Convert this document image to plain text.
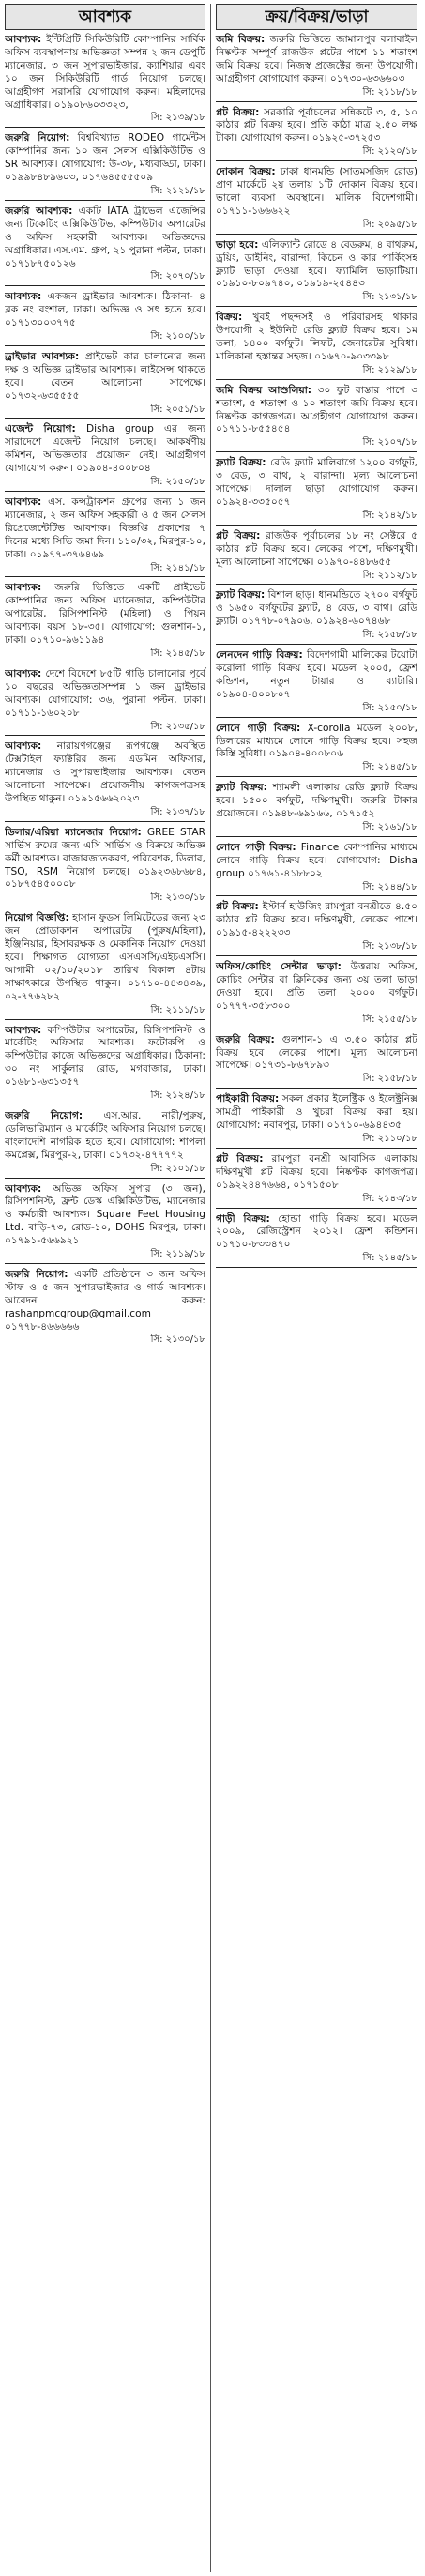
আবশ্যক
আবশ্যক: ইন্টিগ্রিটি সিকিউরিটি কোম্পানির সার্বিক অফিস ব্যবস্থাপনায় অভিজ্ঞতা সম্পন্ন ২ জন ডেপুটি ম্যানেজার, ৩ জন সুপারভাইজার, ক্যাশিয়ার এবং ১০ জন সিকিউরিটি গার্ড নিয়োগ চলছে। আগ্রহীগণ সরাসরি যোগাযোগ করুন। মহিলাদের অগ্রাধিকার। ০১৯০৮৬০৩৩২৩,
সি: ২১৩৯/১৮
জরুরি নিয়োগ: বিশ্ববিখ্যাত RODEO গার্মেন্টস কোম্পানির জন্য ১০ জন সেলস এক্সিকিউটিভ ও SR আবশ্যক। যোগাযোগ: উ-৩৮, মধ্যবাড্ডা, ঢাকা। ০১৯৯৮৪৮৯৬০৩, ০১৭৬৪৫৫৫৫০৯
সি: ২১২১/১৮
জরুরি আবশ্যক: একটি IATA ট্রাভেল এজেন্সির জন্য টিকেটিং এক্সিকিউটিভ, কম্পিউটার অপারেটর ও অফিস সহকারী আবশ্যক। অভিজ্ঞদের অগ্রাধিকার। এস.এম. গ্রুপ, ২১ পুরানা পল্টন, ঢাকা। ০১৭১৮৭৫০১২৬
সি: ২০৭০/১৮
আবশ্যক: একজন ড্রাইভার আবশ্যক। ঠিকানা- ৪ ব্লক নং বংশাল, ঢাকা। অভিজ্ঞ ও সৎ হতে হবে। ০১৭১৩০০৩৭৭৫
সি: ২১০০/১৮
ড্রাইভার আবশ্যক: প্রাইভেট কার চালানোর জন্য দক্ষ ও অভিজ্ঞ ড্রাইভার আবশ্যক। লাইসেন্স থাকতে হবে। বেতন আলোচনা সাপেক্ষে। ০১৭৩২-৬৩৫৫৫৫
সি: ২০৫১/১৮
এজেন্ট নিয়োগ: Disha group এর জন্য সারাদেশে এজেন্ট নিয়োগ চলছে। আকর্ষণীয় কমিশন, অভিজ্ঞতার প্রয়োজন নেই। আগ্রহীগণ যোগাযোগ করুন। ০১৯০৪-৪০০৮০৪
সি: ২১৫০/১৮
আবশ্যক: এস. কন্সট্রাকশন গ্রুপের জন্য ১ জন ম্যানেজার, ২ জন অফিস সহকারী ও ৫ জন সেলস রিপ্রেজেন্টেটিভ আবশ্যক। বিজ্ঞপ্তি প্রকাশের ৭ দিনের মধ্যে সিভি জমা দিন। ১১০/৩২, মিরপুর-১০, ঢাকা। ০১৯৭৭-৩৭৬৪৬৯
সি: ২১৪১/১৮
আবশ্যক: জরুরি ভিত্তিতে একটি প্রাইভেট কোম্পানির জন্য অফিস ম্যানেজার, কম্পিউটার অপারেটর, রিসিপশনিস্ট (মহিলা) ও পিয়ন আবশ্যক। বয়স ১৮-৩৫। যোগাযোগ: গুলশান-১, ঢাকা। ০১৭১০-৯৬১১৯৪
সি: ২১৪৫/১৮
আবশ্যক: দেশে বিদেশে ৮৫টি গাড়ি চালানোর পূর্বে ১০ বছরের অভিজ্ঞতাসম্পন্ন ১ জন ড্রাইভার আবশ্যক। যোগাযোগ: ৩৬, পুরানা পল্টন, ঢাকা। ০১৭১১-১৬০২০৮
সি: ২১৩৫/১৮
আবশ্যক: নারায়ণগঞ্জের রূপগঞ্জে অবস্থিত টেক্সটাইল ফ্যাক্টরির জন্য এডমিন অফিসার, ম্যানেজার ও সুপারভাইজার আবশ্যক। বেতন আলোচনা সাপেক্ষে। প্রয়োজনীয় কাগজপত্রসহ উপস্থিত থাকুন। ০১৯১৫৬৬২০২৩
সি: ২১৩৭/১৮
ডিলার/এরিয়া ম্যানেজার নিয়োগ: GREE STAR সার্ভিস রুমের জন্য এসি সার্ভিস ও বিক্রয়ে অভিজ্ঞ কর্মী আবশ্যক। বাজারজাতকরণ, পরিবেশক, ডিলার, TSO, RSM নিয়োগ চলছে। ০১৯২৩৬৮৬৮৪, ০১৮৭৫৪৫০০০৮
সি: ২১৩০/১৮
নিয়োগ বিজ্ঞপ্তি: হাসান ফুডস লিমিটেডের জন্য ২৩ জন প্রোডাকশন অপারেটর (পুরুষ/মহিলা), ইঞ্জিনিয়ার, হিসাবরক্ষক ও মেকানিক নিয়োগ দেওয়া হবে। শিক্ষাগত যোগ্যতা এসএসসি/এইচএসসি। আগামী ০২/১০/২০১৮ তারিখ বিকাল ৪টায় সাক্ষাৎকারে উপস্থিত থাকুন। ০১৭১০-৪৪৩৪৩৯, ০২-৭৭৬২৮২
সি: ২১১১/১৮
আবশ্যক: কম্পিউটার অপারেটর, রিসিপশনিস্ট ও মার্কেটিং অফিসার আবশ্যক। ফটোকপি ও কম্পিউটার কাজে অভিজ্ঞদের অগ্রাধিকার। ঠিকানা: ৩০ নং সার্কুলার রোড, মগবাজার, ঢাকা। ০১৬৮১-৬৩১৩৫৭
সি: ২১২৪/১৮
জরুরি নিয়োগ: এস.আর. নারী/পুরুষ, ডেলিভারিম্যান ও মার্কেটিং অফিসার নিয়োগ চলছে। বাংলাদেশি নাগরিক হতে হবে। যোগাযোগ: শাপলা কমপ্লেক্স, মিরপুর-২, ঢাকা। ০১৭৩২-৪৭৭৭৭২
সি: ২১০১/১৮
আবশ্যক: অভিজ্ঞ অফিস সুপার (৩ জন), রিসিপশনিস্ট, ফ্রন্ট ডেস্ক এক্সিকিউটিভ, ম্যানেজার ও কর্মচারী আবশ্যক। Square Feet Housing Ltd. বাড়ি-৭৩, রোড-১০, DOHS মিরপুর, ঢাকা। ০১৭৯১-৫৬৬৯২১
সি: ২১১৯/১৮
জরুরি নিয়োগ: একটি প্রতিষ্ঠানে ৩ জন অফিস স্টাফ ও ৫ জন সুপারভাইজার ও গার্ড আবশ্যক। আবেদন করুন: rashanpmcgroup@gmail.com ০১৭৭৮-৪৬৬৬৬৬
সি: ২১৩০/১৮
ক্রয়/বিক্রয়/ভাড়া
জমি বিক্রয়: জরুরি ভিত্তিতে জামালপুর বলাবাইল নিষ্কণ্টক সম্পূর্ণ রাজউক প্লটের পাশে ১১ শতাংশ জমি বিক্রয় হবে। নিজস্ব প্রজেক্টের জন্য উপযোগী। আগ্রহীগণ যোগাযোগ করুন। ০১৭৩০-৬৩৬৬০৩
সি: ২১১৮/১৮
প্লট বিক্রয়: সরকারি পূর্বাচলের সন্নিকটে ৩, ৫, ১০ কাঠার প্লট বিক্রয় হবে। প্রতি কাঠা মাত্র ২.৫০ লক্ষ টাকা। যোগাযোগ করুন। ০১৯২৫-৩৭২৫৩
সি: ২১২০/১৮
দোকান বিক্রয়: ঢাকা ধানমন্ডি (সাতমসজিদ রোড) প্রাণ মার্কেটে ২য় তলায় ১টি দোকান বিক্রয় হবে। ভালো ব্যবসা অবস্থানে। মালিক বিদেশগামী। ০১৭১১-১৬৬৬২২
সি: ২০৯৫/১৮
ভাড়া হবে: এলিফ্যান্ট রোডে ৪ বেডরুম, ৪ বাথরুম, ড্রয়িং, ডাইনিং, বারান্দা, কিচেন ও কার পার্কিংসহ ফ্ল্যাট ভাড়া দেওয়া হবে। ফ্যামিলি ভাড়াটিয়া। ০১৯১০-৮০৯৭৪০, ০১৯১৯-২৫৪৪৩
সি: ২১৩১/১৮
বিক্রয়: খুবই পছন্দসই ও পরিবারসহ থাকার উপযোগী ২ ইউনিট রেডি ফ্ল্যাট বিক্রয় হবে। ১ম তলা, ১৪০০ বর্গফুট। লিফট, জেনারেটর সুবিধা। মালিকানা হস্তান্তর সহজ। ০১৬৭০-৯০৩৩৯৮
সি: ২১২৯/১৮
জমি বিক্রয় আশুলিয়া: ৩০ ফুট রাস্তার পাশে ৩ শতাংশ, ৫ শতাংশ ও ১০ শতাংশ জমি বিক্রয় হবে। নিষ্কণ্টক কাগজপত্র। আগ্রহীগণ যোগাযোগ করুন। ০১৭১১-৮৫৫৪৫৪
সি: ২১০৭/১৮
ফ্ল্যাট বিক্রয়: রেডি ফ্ল্যাট মালিবাগে ১২০০ বর্গফুট, ৩ বেড, ৩ বাথ, ২ বারান্দা। মূল্য আলোচনা সাপেক্ষে। দালাল ছাড়া যোগাযোগ করুন। ০১৯২৪-৩৩৫০৫৭
সি: ২১৪২/১৮
প্লট বিক্রয়: রাজউক পূর্বাচলের ১৮ নং সেক্টরে ৫ কাঠার প্লট বিক্রয় হবে। লেকের পাশে, দক্ষিণমুখী। মূল্য আলোচনা সাপেক্ষে। ০১৯৭০-৪৪৮৬৫৫
সি: ২১১২/১৮
ফ্ল্যাট বিক্রয়: বিশাল ছাড়। ধানমন্ডিতে ২৭০০ বর্গফুট ও ১৬৫০ বর্গফুটের ফ্ল্যাট, ৪ বেড, ৩ বাথ। রেডি ফ্ল্যাট। ০১৭৭৮-০৭৯০৬, ০১৯২৪-৬০৭৪৬৮
সি: ২১৫৮/১৮
লেনদেন গাড়ি বিক্রয়: বিদেশগামী মালিকের টয়োটা করোলা গাড়ি বিক্রয় হবে। মডেল ২০০৫, ফ্রেশ কন্ডিশন, নতুন টায়ার ও ব্যাটারি। ০১৯০৪-৪০০৮০৭
সি: ২১৫০/১৮
লোনে গাড়ী বিক্রয়: X-corolla মডেল ২০০৮, ডিলারের মাধ্যমে লোনে গাড়ি বিক্রয় হবে। সহজ কিস্তি সুবিধা। ০১৯০৪-৪০০৮০৬
সি: ২১৪৫/১৮
ফ্ল্যাট বিক্রয়: শ্যামলী এলাকায় রেডি ফ্ল্যাট বিক্রয় হবে। ১৫০০ বর্গফুট, দক্ষিণমুখী। জরুরি টাকার প্রয়োজনে। ০১৯৪৮-৬৯১৬৬, ০১৭১৫২
সি: ২১৬১/১৮
লোনে গাড়ী বিক্রয়: Finance কোম্পানির মাধ্যমে লোনে গাড়ি বিক্রয় হবে। যোগাযোগ: Disha group ০১৭৬১-৪১৮৮০২
সি: ২১৪৪/১৮
প্লট বিক্রয়: ইস্টার্ন হাউজিং রামপুরা বনশ্রীতে ৪.৫০ কাঠার প্লট বিক্রয় হবে। দক্ষিণমুখী, লেকের পাশে। ০১৯১৫-৪২২২৩৩
সি: ২১৩৮/১৮
অফিস/কোচিং সেন্টার ভাড়া: উত্তরায় অফিস, কোচিং সেন্টার বা ক্লিনিকের জন্য ৩য় তলা ভাড়া দেওয়া হবে। প্রতি তলা ২০০০ বর্গফুট। ০১৭৭৭-৩৫৮৩০০
সি: ২১৫৫/১৮
জরুরি বিক্রয়: গুলশান-১ এ ৩.৫০ কাঠার প্লট বিক্রয় হবে। লেকের পাশে। মূল্য আলোচনা সাপেক্ষে। ০১৭৩১-৮৬৭৮৯৩
সি: ২১৫৮/১৮
পাইকারী বিক্রয়: সকল প্রকার ইলেক্ট্রিক ও ইলেক্ট্রনিক্স সামগ্রী পাইকারী ও খুচরা বিক্রয় করা হয়। যোগাযোগ: নবাবপুর, ঢাকা। ০১৭১০-৬৯৪৪৩৫
সি: ২১১০/১৮
প্লট বিক্রয়: রামপুরা বনশ্রী আবাসিক এলাকায় দক্ষিণমুখী প্লট বিক্রয় হবে। নিষ্কণ্টক কাগজপত্র। ০১৯২২৪৪৭৬৬৪, ০১৭১৫০৮
সি: ২১৪৩/১৮
গাড়ী বিক্রয়: হোন্ডা গাড়ি বিক্রয় হবে। মডেল ২০০৯, রেজিস্ট্রেশন ২০১২। ফ্রেশ কন্ডিশন। ০১৭১০-৮৩৩৪৭০
সি: ২১৪৫/১৮
